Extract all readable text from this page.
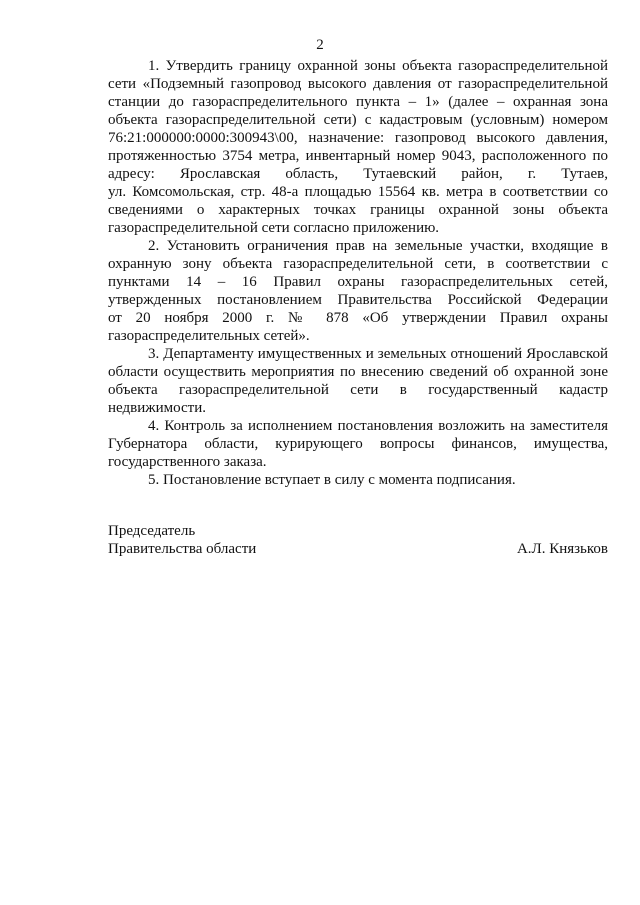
2
1. Утвердить границу охранной зоны объекта газораспределительной
сети «Подземный газопровод высокого давления от газораспределительной
станции до газораспределительного пункта – 1» (далее – охранная зона
объекта газораспределительной сети) с кадастровым (условным) номером
76:21:000000:0000:300943\00, назначение: газопровод высокого давления,
протяженностью 3754 метра, инвентарный номер 9043, расположенного по
адресу: Ярославская область, Тутаевский район, г. Тутаев,
ул. Комсомольская, стр. 48-а площадью 15564 кв. метра в соответствии со
сведениями о характерных точках границы охранной зоны объекта
газораспределительной сети согласно приложению.
2. Установить ограничения прав на земельные участки, входящие в
охранную зону объекта газораспределительной сети, в соответствии с
пунктами 14 – 16 Правил охраны газораспределительных сетей,
утвержденных постановлением Правительства Российской Федерации
от 20 ноября 2000 г. № 878 «Об утверждении Правил охраны
газораспределительных сетей».
3. Департаменту имущественных и земельных отношений Ярославской
области осуществить мероприятия по внесению сведений об охранной зоне
объекта газораспределительной сети в государственный кадастр
недвижимости.
4. Контроль за исполнением постановления возложить на заместителя
Губернатора области, курирующего вопросы финансов, имущества,
государственного заказа.
5. Постановление вступает в силу с момента подписания.
Председатель
Правительства области	А.Л. Князьков
